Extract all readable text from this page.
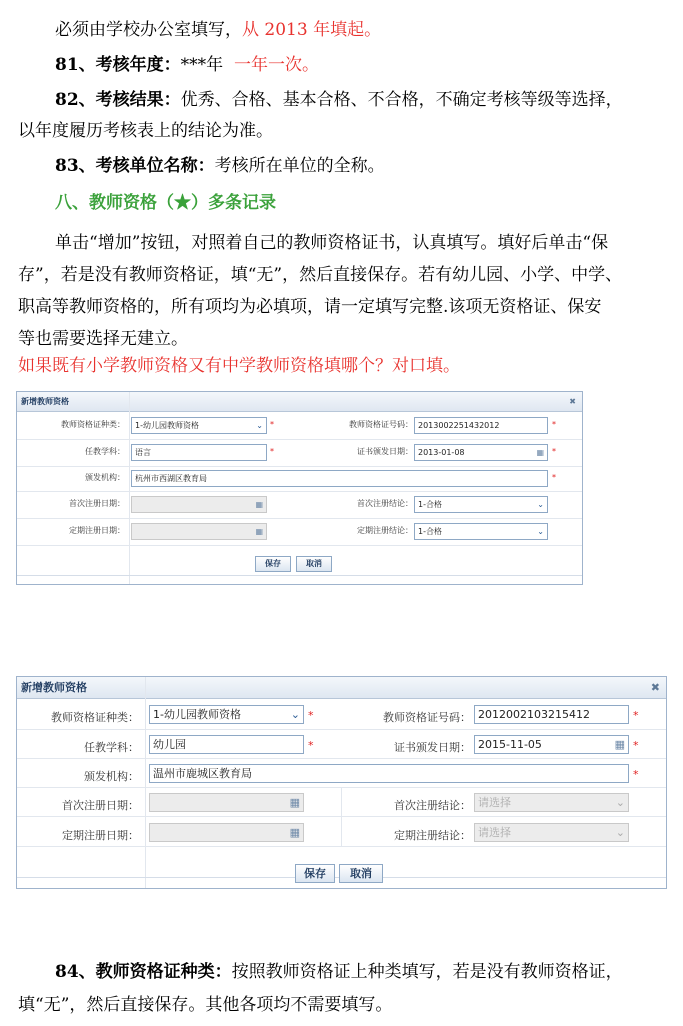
必须由学校办公室填写，从 2013 年填起。
81、考核年度：***年 一年一次。
82、考核结果：优秀、合格、基本合格、不合格，不确定考核等级等选择，
以年度履历考核表上的结论为准。
83、考核单位名称：考核所在单位的全称。
八、教师资格（★）多条记录
单击“增加”按钮，对照着自己的教师资格证书，认真填写。填好后单击“保
存”，若是没有教师资格证，填“无”，然后直接保存。若有幼儿园、小学、中学、
职高等教师资格的，所有项均为必填项，请一定填写完整.该项无资格证、保安
等也需要选择无建立。
如果既有小学教师资格又有中学教师资格填哪个？对口填。
新增教师资格	✖
教师资格证种类：	1-幼儿园教师资格	⌄ *	教师资格证号码： 2013002251432012	*
任教学科：	语言	*	证书颁发日期： 2013-01-08	▦ *
颁发机构：	杭州市西湖区教育局	*
首次注册日期：	▦	首次注册结论： 1-合格	⌄
定期注册日期：	▦	定期注册结论： 1-合格	⌄
保存	取消
新增教师资格	✖
教师资格证种类：	1-幼儿园教师资格	⌄ *	教师资格证号码： 2012002103215412	*
任教学科：	幼儿园	*	证书颁发日期： 2015-11-05	▦ *
颁发机构：	温州市鹿城区教育局	*
首次注册日期：	▦	首次注册结论： 请选择	⌄
定期注册日期：	▦	定期注册结论： 请选择	⌄
保存	取消
84、教师资格证种类：按照教师资格证上种类填写，若是没有教师资格证，
填“无”，然后直接保存。其他各项均不需要填写。
